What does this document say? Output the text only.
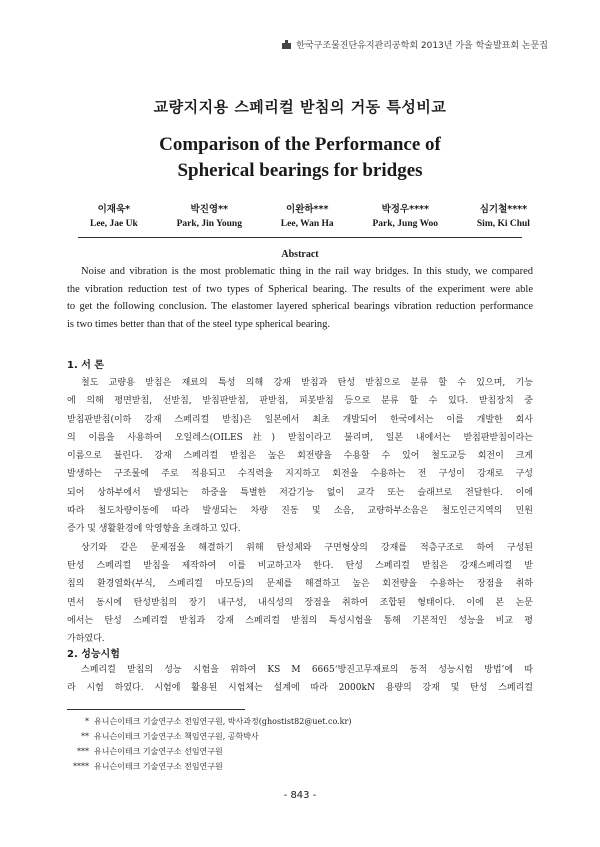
한국구조물진단유지관리공학회 2013년 가을 학술발표회 논문집
교량지지용 스페리컬 받침의 거동 특성비교
Comparison of the Performance of
Spherical bearings for bridges
이재욱*
Lee, Jae Uk
박진영**
Park, Jin Young
이완하***
Lee, Wan Ha
박정우****
Park, Jung Woo
심기철****
Sim, Ki Chul
Abstract
Noise and vibration is the most problematic thing in the rail way bridges. In this study, we compared
the vibration reduction test of two types of Spherical bearing. The results of the experiment were able
to get the following conclusion. The elastomer layered spherical bearings vibration reduction performance
is two times better than that of the steel type spherical bearing.
1. 서 론
철도 교량용 받침은 재료의 특성 의해 강재 받침과 탄성 받침으로 분류 할 수 있으며, 기능
에 의해 평면받침, 선받침, 받침판받침, 판받침, 피봇받침 등으로 분류 할 수 있다. 받침장치 중
받침판받침(이하 강재 스페리컬 받침)은 일본에서 최초 개발되어 한국에서는 이를 개발한 회사
의 이름을 사용하여 오일레스(OILES社) 받침이라고 불리며, 일본 내에서는 받침판받침이라는
이름으로 불린다. 강재 스페리컬 받침은 높은 회전량을 수용할 수 있어 철도교등 회전이 크게
발생하는 구조물에 주로 적용되고 수직력을 지지하고 회전을 수용하는 전 구성이 강재로 구성
되어 상하부에서 발생되는 하중을 특별한 저감기능 없이 교각 또는 슬래브로 전달한다. 이에
따라 철도차량이동에 따라 발생되는 차량 진동 및 소음, 교량하부소음은 철도인근지역의 민원
증가 및 생활환경에 악영향을 초래하고 있다.
상기와 같은 문제점을 해결하기 위해 탄성체와 구면형상의 강재를 적층구조로 하여 구성된
탄성 스페리컬 받침을 제작하여 이를 비교하고자 한다. 탄성 스페리컬 받침은 강재스페리컬 받
침의 환경열화(부식, 스페리컬 마모등)의 문제를 해결하고 높은 회전량을 수용하는 장점을 취하
면서 동시에 탄성받침의 장기 내구성, 내식성의 장점을 취하여 조합된 형태이다. 이에 본 논문
에서는 탄성 스페리컬 받침과 강재 스페리컬 받침의 특성시험을 통해 기본적인 성능을 비교 평
가하였다.
2. 성능시험
스페리컬 받침의 성능 시험을 위하여 KS M 6665‘방진고무재료의 동적 성능시험 방법’에 따
라 시험 하였다. 시험에 활용된 시험체는 설계에 따라 2000kN 용량의 강재 및 탄성 스페리컬
* 유니슨이테크 기술연구소 전임연구원, 박사과정(ghostist82@uet.co.kr)
** 유니슨이테크 기술연구소 책임연구원, 공학박사
*** 유니슨이테크 기술연구소 선임연구원
**** 유니슨이테크 기술연구소 전임연구원
- 843 -
